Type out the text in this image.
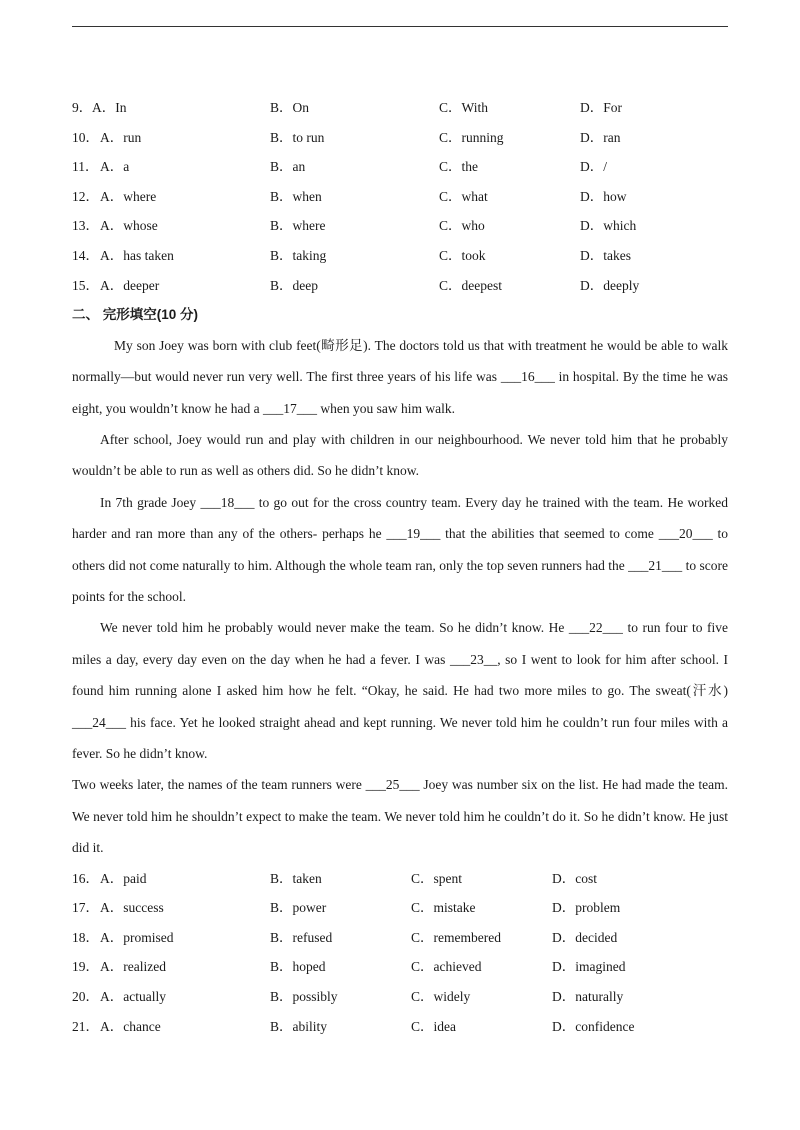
9． A．In	B．On	C．With	D．For
10． A．run	B．to run	C．running	D．ran
11． A．a	B．an	C．the	D．/
12． A．where	B．when	C．what	D．how
13． A．whose	B．where	C．who	D．which
14． A．has taken	B．taking	C．took	D．takes
15． A．deeper	B．deep	C．deepest	D．deeply
二、 完形填空(10 分)

My son Joey was born with club feet(畸形足). The doctors told us that with treatment he would be able to walk normally—but would never run very well. The first three years of his life was ___16___ in hospital. By the time he was eight, you wouldn’t know he had a ___17___ when you saw him walk.

After school, Joey would run and play with children in our neighbourhood. We never told him that he probably wouldn’t be able to run as well as others did. So he didn’t know.

In 7th grade Joey ___18___ to go out for the cross country team. Every day he trained with the team. He worked harder and ran more than any of the others- perhaps he ___19___ that the abilities that seemed to come ___20___ to others did not come naturally to him. Although the whole team ran, only the top seven runners had the ___21___ to score points for the school.

We never told him he probably would never make the team. So he didn’t know. He ___22___ to run four to five miles a day, every day even on the day when he had a fever. I was ___23__, so I went to look for him after school. I found him running alone I asked him how he felt. “Okay, he said. He had two more miles to go. The sweat(汗水) ___24___ his face. Yet he looked straight ahead and kept running. We never told him he couldn’t run four miles with a fever. So he didn’t know.

Two weeks later, the names of the team runners were ___25___ Joey was number six on the list. He had made the team. We never told him he shouldn’t expect to make the team. We never told him he couldn’t do it. So he didn’t know. He just did it.

16． A．paid	B．taken	C．spent	D．cost
17． A．success	B．power	C．mistake	D．problem
18． A．promised	B．refused	C．remembered	D．decided
19． A．realized	B．hoped	C．achieved	D．imagined
20． A．actually	B．possibly	C．widely	D．naturally
21． A．chance	B．ability	C．idea	D．confidence
